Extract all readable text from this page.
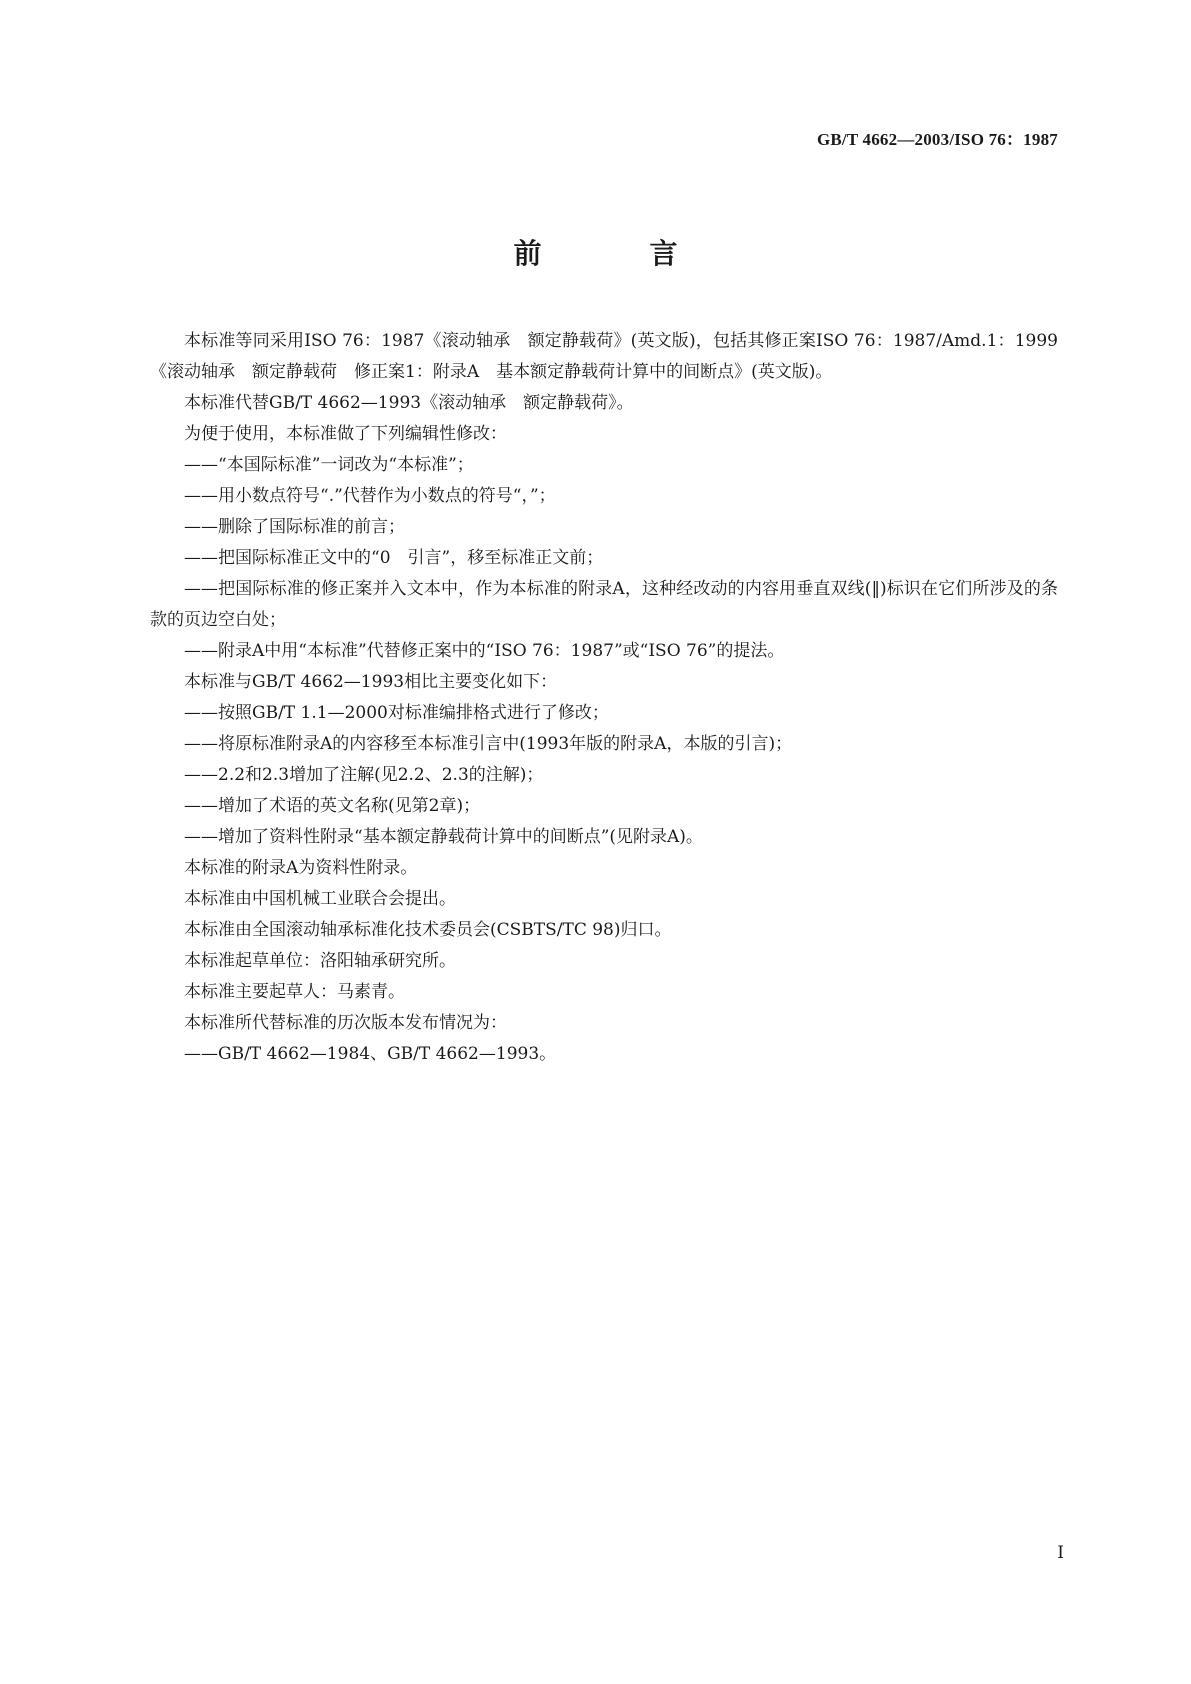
GB/T 4662—2003/ISO 76：1987
前　言

本标准等同采用ISO 76：1987《滚动轴承　额定静载荷》(英文版)，包括其修正案ISO 76：1987/Amd.1：1999《滚动轴承　额定静载荷　修正案1：附录A　基本额定静载荷计算中的间断点》(英文版)。

本标准代替GB/T 4662—1993《滚动轴承　额定静载荷》。

为便于使用，本标准做了下列编辑性修改：

——“本国际标准”一词改为“本标准”；

——用小数点符号“.”代替作为小数点的符号“，”；

——删除了国际标准的前言；

——把国际标准正文中的“0　引言”，移至标准正文前；

——把国际标准的修正案并入文本中，作为本标准的附录A，这种经改动的内容用垂直双线(‖)标识在它们所涉及的条款的页边空白处；

——附录A中用“本标准”代替修正案中的“ISO 76：1987”或“ISO 76”的提法。

本标准与GB/T 4662—1993相比主要变化如下：

——按照GB/T 1.1—2000对标准编排格式进行了修改；

——将原标准附录A的内容移至本标准引言中(1993年版的附录A，本版的引言)；

——2.2和2.3增加了注解(见2.2、2.3的注解)；

——增加了术语的英文名称(见第2章)；

——增加了资料性附录“基本额定静载荷计算中的间断点”(见附录A)。

本标准的附录A为资料性附录。

本标准由中国机械工业联合会提出。

本标准由全国滚动轴承标准化技术委员会(CSBTS/TC 98)归口。

本标准起草单位：洛阳轴承研究所。

本标准主要起草人：马素青。

本标准所代替标准的历次版本发布情况为：

——GB/T 4662—1984、GB/T 4662—1993。

I
